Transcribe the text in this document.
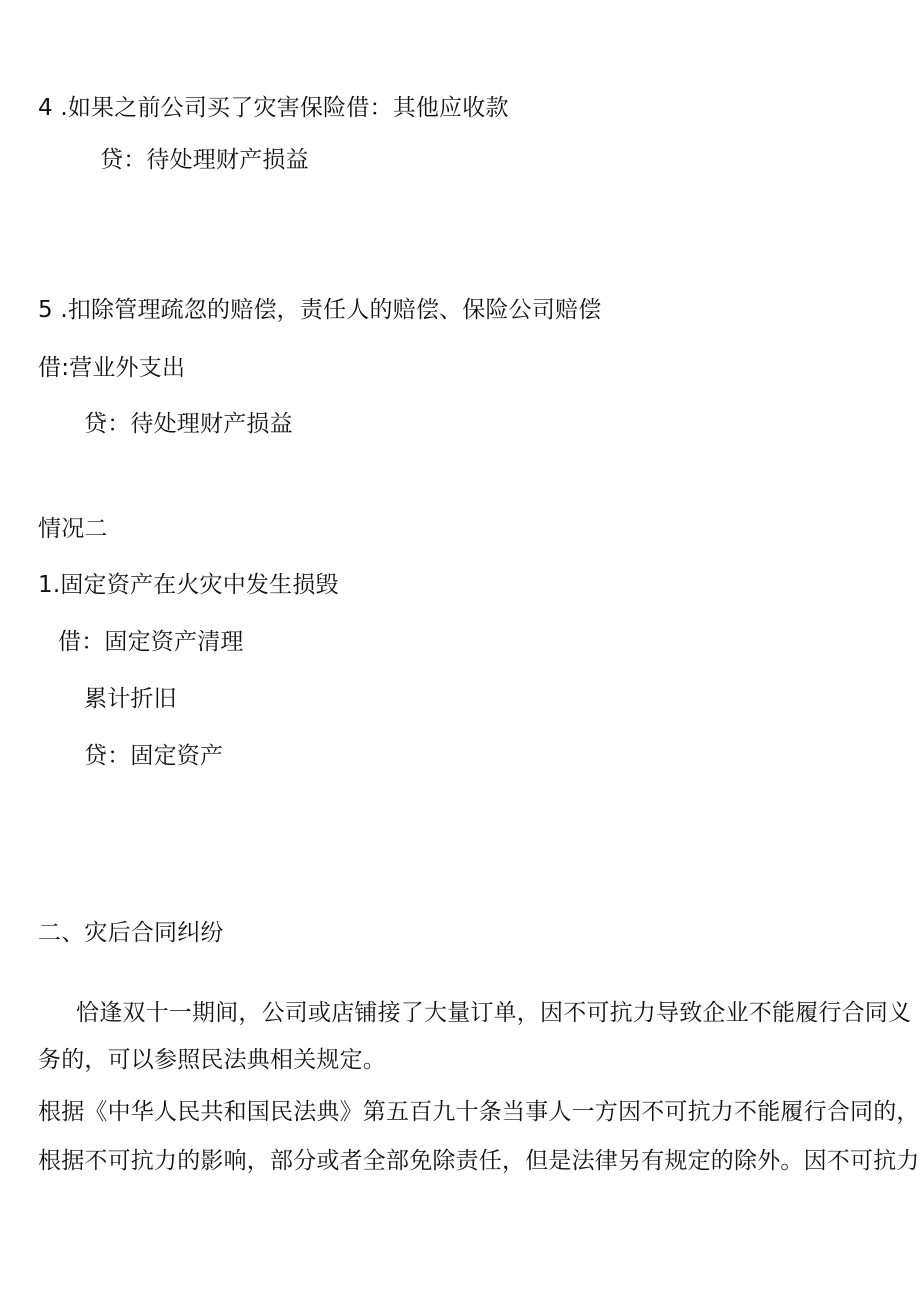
4 .如果之前公司买了灾害保险借：其他应收款

贷：待处理财产损益

5 .扣除管理疏忽的赔偿，责任人的赔偿、保险公司赔偿

借:营业外支出

贷：待处理财产损益

情况二

1.固定资产在火灾中发生损毁

借：固定资产清理

累计折旧

贷：固定资产

二、灾后合同纠纷

恰逢双十一期间，公司或店铺接了大量订单，因不可抗力导致企业不能履行合同义

务的，可以参照民法典相关规定。

根据《中华人民共和国民法典》第五百九十条当事人一方因不可抗力不能履行合同的，

根据不可抗力的影响，部分或者全部免除责任，但是法律另有规定的除外。因不可抗力
